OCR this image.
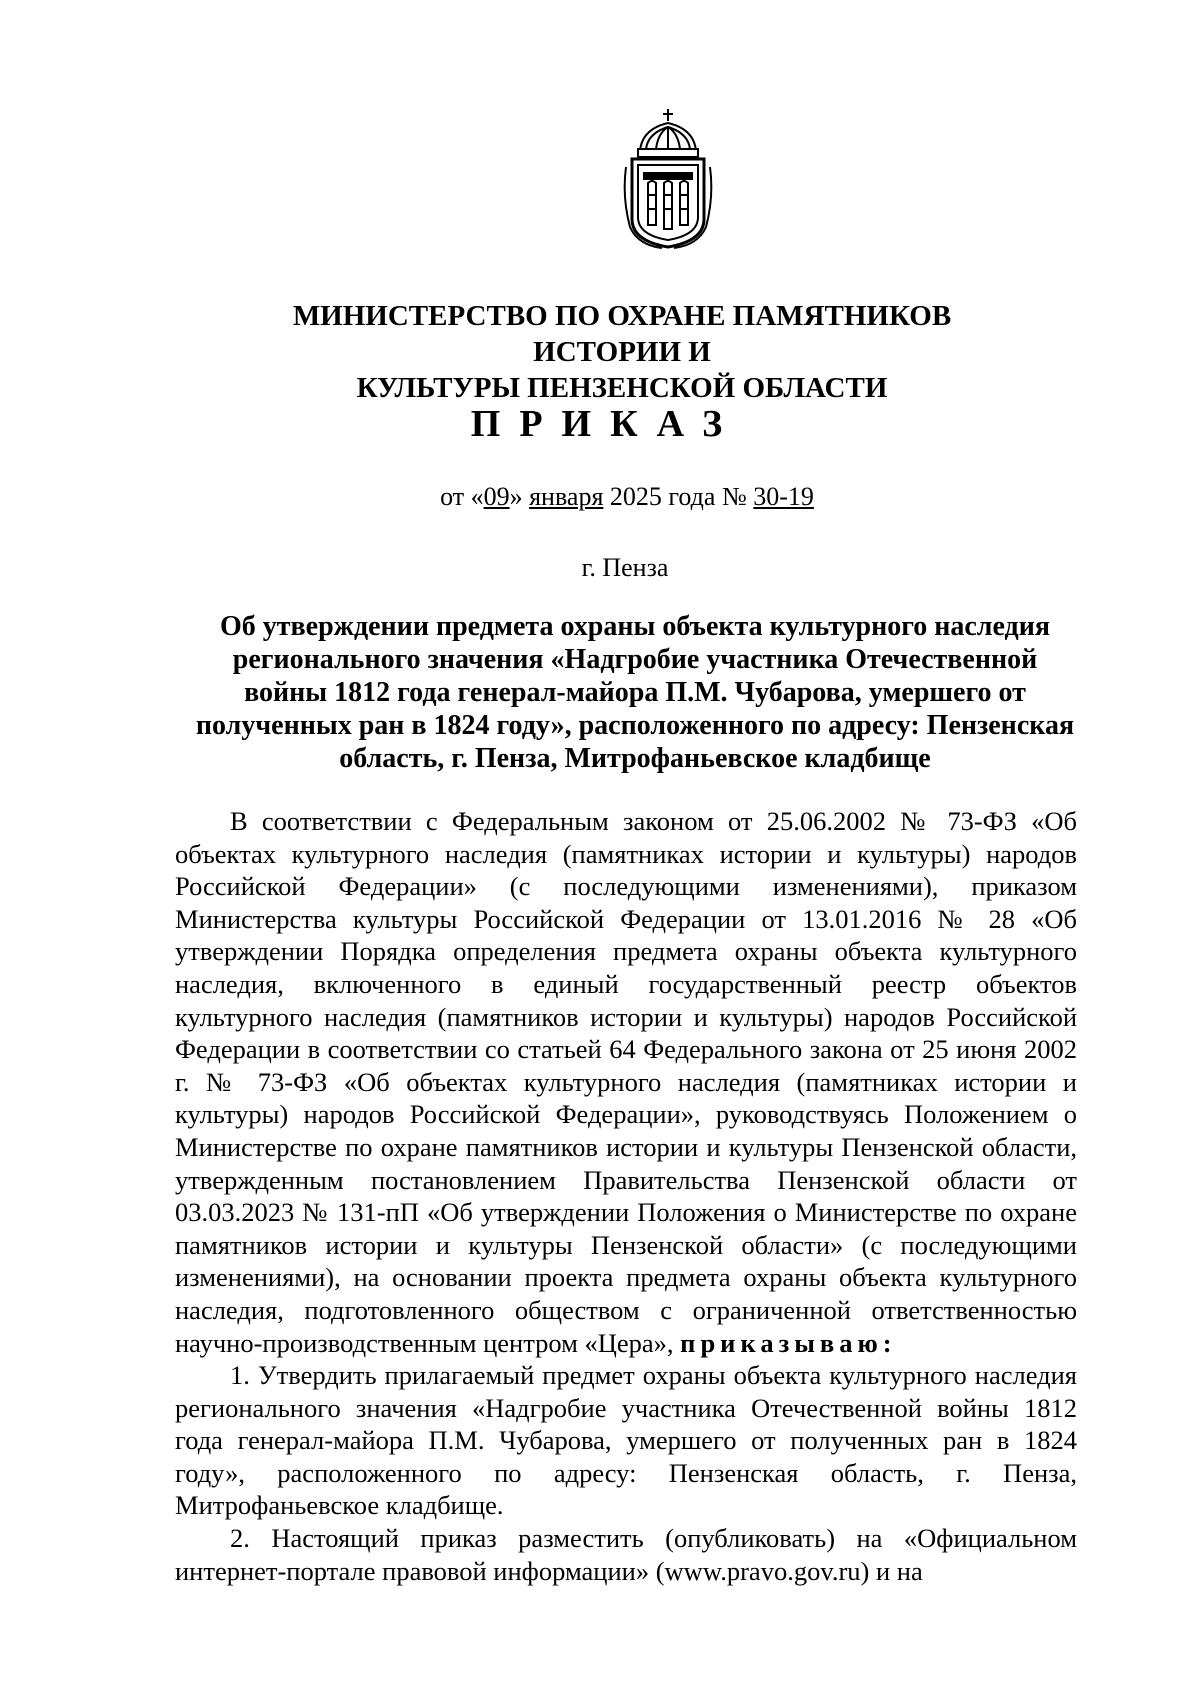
МИНИСТЕРСТВО ПО ОХРАНЕ ПАМЯТНИКОВ ИСТОРИИ И
КУЛЬТУРЫ ПЕНЗЕНСКОЙ ОБЛАСТИ
ПРИКАЗ
от «09» января 2025 года № 30-19
г. Пенза
Об утверждении предмета охраны объекта культурного наследия
регионального значения «Надгробие участника Отечественной
войны 1812 года генерал-майора П.М. Чубарова, умершего от
полученных ран в 1824 году», расположенного по адресу: Пензенская
область, г. Пенза, Митрофаньевское кладбище

В соответствии с Федеральным законом от 25.06.2002 № 73-ФЗ «Об объектах культурного наследия (памятниках истории и культуры) народов Российской Федерации» (с последующими изменениями), приказом Министерства культуры Российской Федерации от 13.01.2016 № 28 «Об утверждении Порядка определения предмета охраны объекта культурного наследия, включенного в единый государственный реестр объектов культурного наследия (памятников истории и культуры) народов Российской Федерации в соответствии со статьей 64 Федерального закона от 25 июня 2002 г. № 73-ФЗ «Об объектах культурного наследия (памятниках истории и культуры) народов Российской Федерации», руководствуясь Положением о Министерстве по охране памятников истории и культуры Пензенской области, утвержденным постановлением Правительства Пензенской области от 03.03.2023 № 131-пП «Об утверждении Положения о Министерстве по охране памятников истории и культуры Пензенской области» (с последующими изменениями), на основании проекта предмета охраны объекта культурного наследия, подготовленного обществом с ограниченной ответственностью научно-производственным центром «Цера», приказываю:

1. Утвердить прилагаемый предмет охраны объекта культурного наследия регионального значения «Надгробие участника Отечественной войны 1812 года генерал-майора П.М. Чубарова, умершего от полученных ран в 1824 году», расположенного по адресу: Пензенская область, г. Пенза, Митрофаньевское кладбище.

2. Настоящий приказ разместить (опубликовать) на «Официальном интернет-портале правовой информации» (www.pravo.gov.ru) и на
